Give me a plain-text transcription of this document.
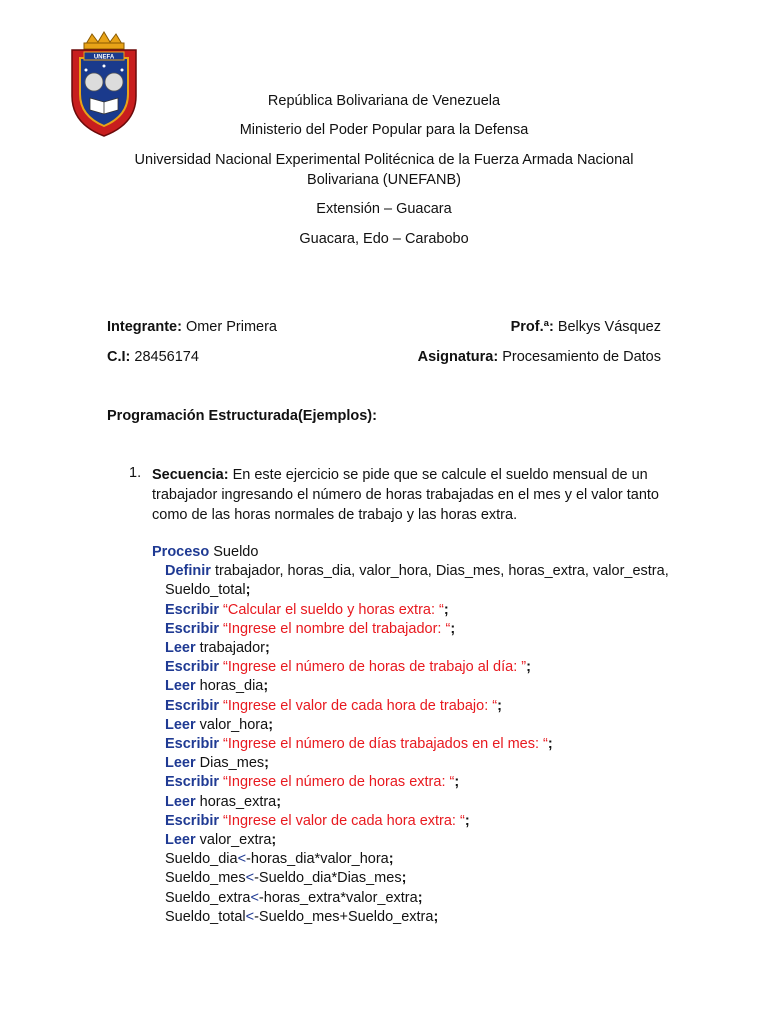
UNEFA
República Bolivariana de Venezuela
Ministerio del Poder Popular para la Defensa
Universidad Nacional Experimental Politécnica de la Fuerza Armada Nacional
Bolivariana (UNEFANB)
Extensión – Guacara
Guacara, Edo – Carabobo
Integrante: Omer Primera	Prof.ª: Belkys Vásquez
C.I: 28456174	Asignatura: Procesamiento de Datos
Programación Estructurada(Ejemplos):
1. Secuencia: En este ejercicio se pide que se calcule el sueldo mensual de un trabajador ingresando el número de horas trabajadas en el mes y el valor tanto como de las horas normales de trabajo y las horas extra.
Proceso Sueldo
Definir trabajador, horas_dia, valor_hora, Dias_mes, horas_extra, valor_estra, Sueldo_total;
Escribir “Calcular el sueldo y horas extra: “;
Escribir “Ingrese el nombre del trabajador: “;
Leer trabajador;
Escribir “Ingrese el número de horas de trabajo al día: ”;
Leer horas_dia;
Escribir “Ingrese el valor de cada hora de trabajo: “;
Leer valor_hora;
Escribir “Ingrese el número de días trabajados en el mes: “;
Leer Dias_mes;
Escribir “Ingrese el número de horas extra: “;
Leer horas_extra;
Escribir “Ingrese el valor de cada hora extra: “;
Leer valor_extra;
Sueldo_dia<-horas_dia*valor_hora;
Sueldo_mes<-Sueldo_dia*Dias_mes;
Sueldo_extra<-horas_extra*valor_extra;
Sueldo_total<-Sueldo_mes+Sueldo_extra;
